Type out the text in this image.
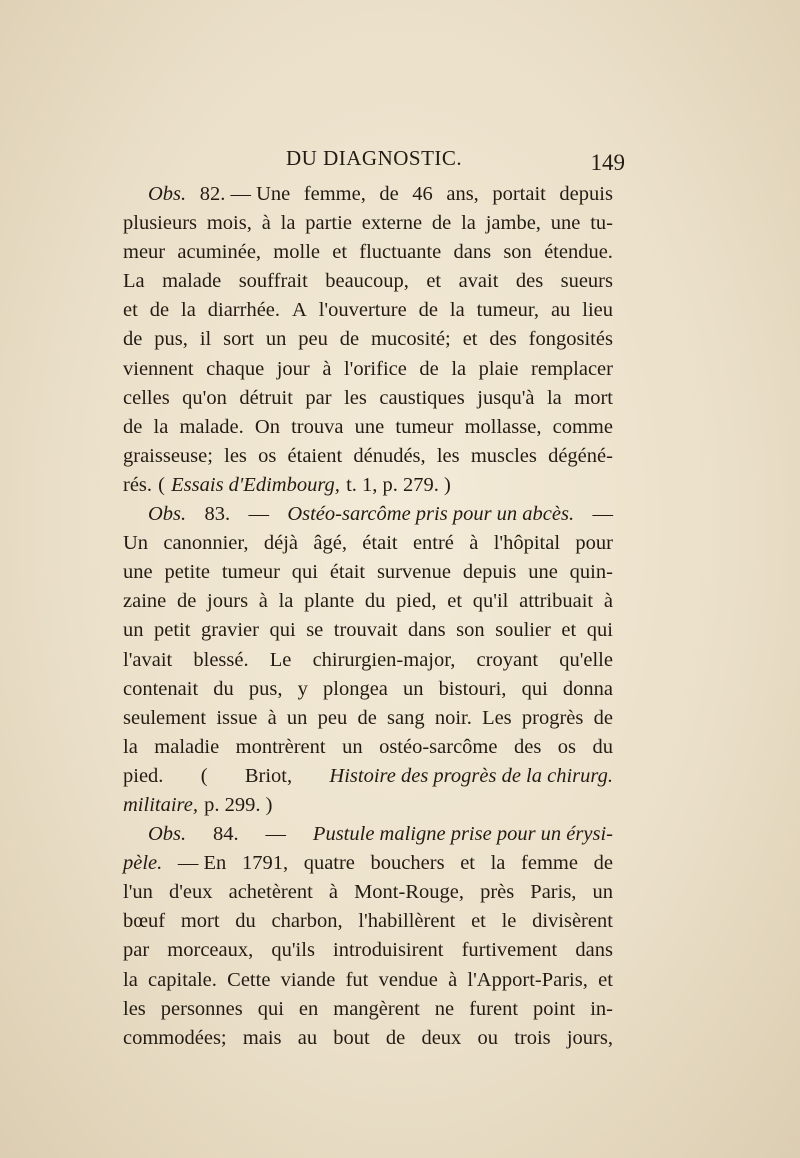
DU DIAGNOSTIC.	149
Obs. 82. — Une femme, de 46 ans, portait depuis
plusieurs mois, à la partie externe de la jambe, une tu-
meur acuminée, molle et fluctuante dans son étendue.
La malade souffrait beaucoup, et avait des sueurs
et de la diarrhée. A l'ouverture de la tumeur, au lieu
de pus, il sort un peu de mucosité; et des fongosités
viennent chaque jour à l'orifice de la plaie remplacer
celles qu'on détruit par les caustiques jusqu'à la mort
de la malade. On trouva une tumeur mollasse, comme
graisseuse; les os étaient dénudés, les muscles dégéné-
rés. ( Essais d'Edimbourg, t. 1, p. 279. )
Obs. 83. — Ostéo-sarcôme pris pour un abcès. —
Un canonnier, déjà âgé, était entré à l'hôpital pour
une petite tumeur qui était survenue depuis une quin-
zaine de jours à la plante du pied, et qu'il attribuait à
un petit gravier qui se trouvait dans son soulier et qui
l'avait blessé. Le chirurgien-major, croyant qu'elle
contenait du pus, y plongea un bistouri, qui donna
seulement issue à un peu de sang noir. Les progrès de
la maladie montrèrent un ostéo-sarcôme des os du
pied. ( Briot, Histoire des progrès de la chirurg.
militaire, p. 299. )
Obs. 84. — Pustule maligne prise pour un érysi-
pèle. — En 1791, quatre bouchers et la femme de
l'un d'eux achetèrent à Mont-Rouge, près Paris, un
bœuf mort du charbon, l'habillèrent et le divisèrent
par morceaux, qu'ils introduisirent furtivement dans
la capitale. Cette viande fut vendue à l'Apport-Paris, et
les personnes qui en mangèrent ne furent point in-
commodées; mais au bout de deux ou trois jours,
